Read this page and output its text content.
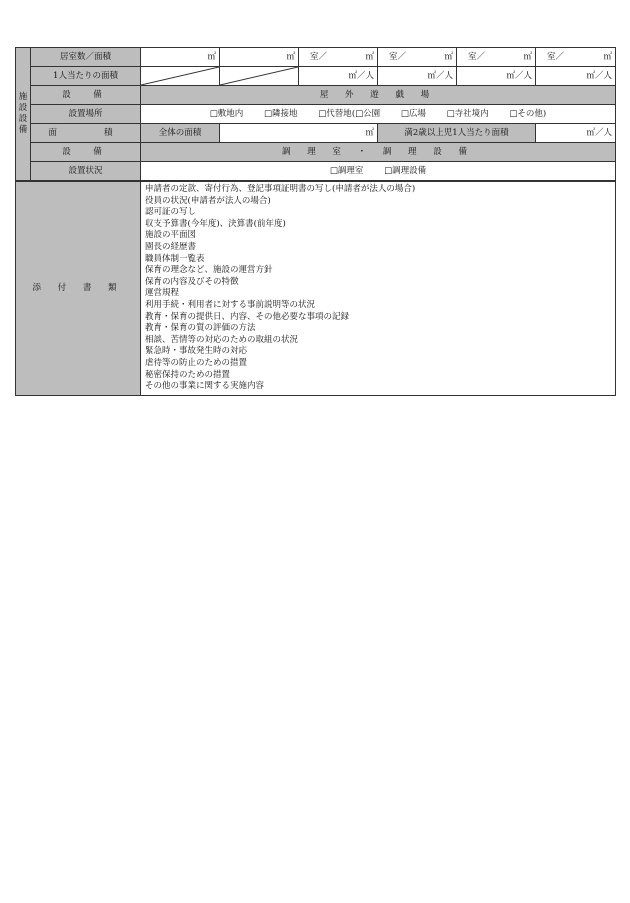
施
設
設
備	居室数／面積	㎡	㎡	室／ ㎡	室／ ㎡	室／ ㎡	室／ ㎡

	1人当たりの面積			㎡／人	㎡／人	㎡／人	㎡／人
	設　備	屋 外 遊 戯 場					
	設置場所	□敷地内 □隣接地 □代替地(□公園 □広場 □寺社境内 □その他)					
	面　　積	全体の面積	㎡		満2歳以上児1人当たり面積		㎡／人
	設　備	調 理 室 ・ 調 理 設 備					
	設置状況	□調理室 □調理設備					
添 付 書 類	
申請者の定款、寄付行為、登記事項証明書の写し(申請者が法人の場合)
役員の状況(申請者が法人の場合)
認可証の写し
収支予算書(今年度)、決算書(前年度)
施設の平面図
園長の経歴書
職員体制一覧表
保育の理念など、施設の運営方針
保育の内容及びその特徴
運営規程
利用手続・利用者に対する事前説明等の状況
教育・保育の提供日、内容、その他必要な事項の記録
教育・保育の質の評価の方法
相談、苦情等の対応のための取組の状況
緊急時・事故発生時の対応
虐待等の防止のための措置
秘密保持のための措置
その他の事業に関する実施内容
